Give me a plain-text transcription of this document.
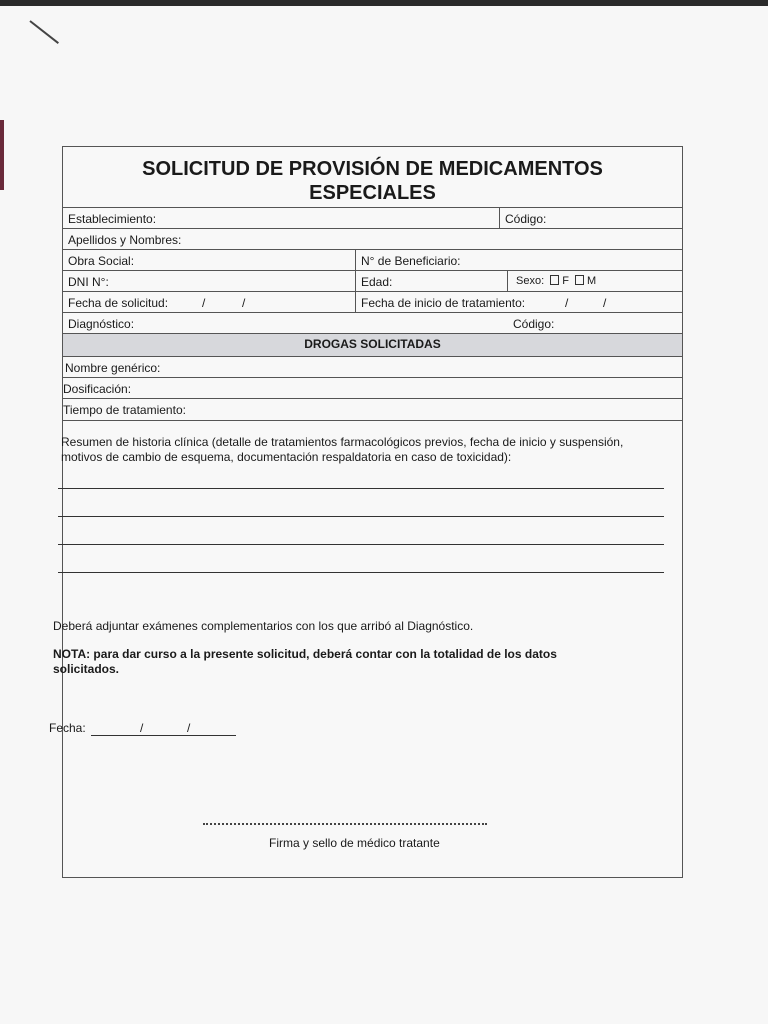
SOLICITUD DE PROVISIÓN DE MEDICAMENTOS
ESPECIALES
Establecimiento:	Código:
Apellidos y Nombres:
Obra Social:	N° de Beneficiario:
DNI N°:	Edad:	Sexo: F M
Fecha de solicitud:	/	/	Fecha de inicio de tratamiento:	/	/
Diagnóstico:	Código:
DROGAS SOLICITADAS
Nombre genérico:
Dosificación:
Tiempo de tratamiento:
Resumen de historia clínica (detalle de tratamientos farmacológicos previos, fecha de inicio y suspensión,
motivos de cambio de esquema, documentación respaldatoria en caso de toxicidad):
Deberá adjuntar exámenes complementarios con los que arribó al Diagnóstico.
NOTA: para dar curso a la presente solicitud, deberá contar con la totalidad de los datos
solicitados.
Fecha:	/	/
Firma y sello de médico tratante
